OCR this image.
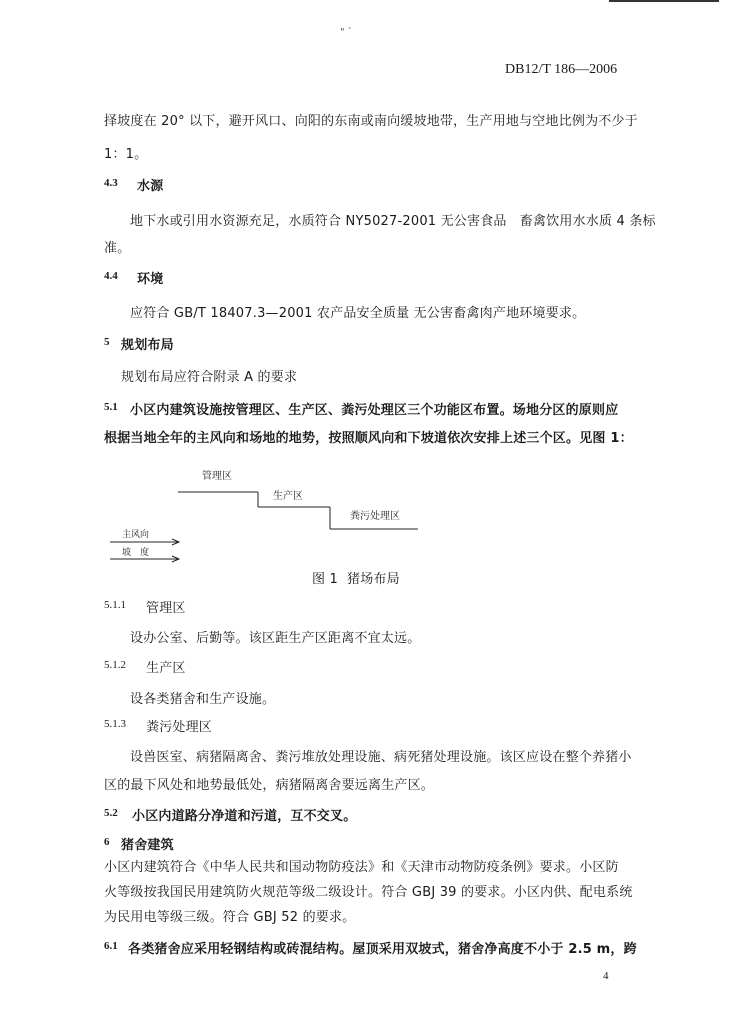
" ˋ
DB12/T 186—2006
择坡度在 20° 以下，避开风口、向阳的东南或南向缓坡地带，生产用地与空地比例为不少于
1：1。
4.3 水源
地下水或引用水资源充足，水质符合 NY5027-2001 无公害食品　畜禽饮用水水质 4 条标
准。
4.4 环境
应符合 GB/T 18407.3—2001 农产品安全质量 无公害畜禽肉产地环境要求。
5 规划布局
规划布局应符合附录 A 的要求
5.1 小区内建筑设施按管理区、生产区、粪污处理区三个功能区布置。场地分区的原则应
根据当地全年的主风向和场地的地势，按照顺风向和下坡道依次安排上述三个区。见图 1：
管理区
生产区
粪污处理区
主风向
坡　度
图 1 猪场布局
5.1.1 管理区
设办公室、后勤等。该区距生产区距离不宜太远。
5.1.2 生产区
设各类猪舍和生产设施。
5.1.3 粪污处理区
设兽医室、病猪隔离舍、粪污堆放处理设施、病死猪处理设施。该区应设在整个养猪小
区的最下风处和地势最低处，病猪隔离舍要远离生产区。
5.2 小区内道路分净道和污道，互不交叉。
6 猪舍建筑
小区内建筑符合《中华人民共和国动物防疫法》和《天津市动物防疫条例》要求。小区防
火等级按我国民用建筑防火规范等级二级设计。符合 GBJ 39 的要求。小区内供、配电系统
为民用电等级三级。符合 GBJ 52 的要求。
6.1 各类猪舍应采用轻钢结构或砖混结构。屋顶采用双坡式，猪舍净高度不小于 2.5 m，跨
4
